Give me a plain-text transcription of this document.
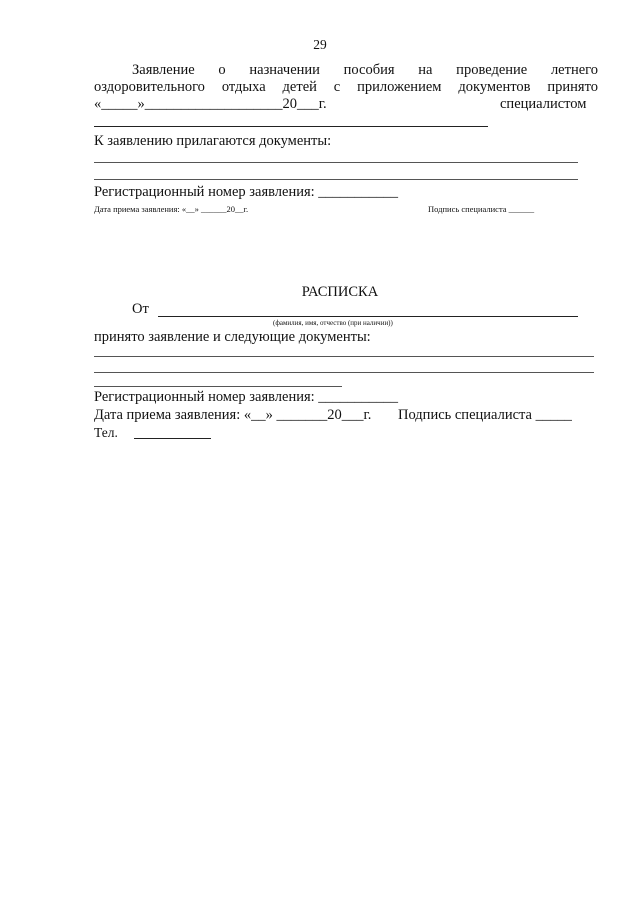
29
Заявление о назначении пособия на проведение летнего
оздоровительного отдыха детей с приложением документов принято
«_____»___________________20___г.	специалистом
К заявлению прилагаются документы:
Регистрационный номер заявления: ___________
Дата приема заявления: «__» ______20__г.	Подпись специалиста ______
РАСПИСКА
От
(фамилия, имя, отчество (при наличии))
принято заявление и следующие документы:
Регистрационный номер заявления: ___________
Дата приема заявления: «__» _______20___г. Подпись специалиста _____
Тел.
